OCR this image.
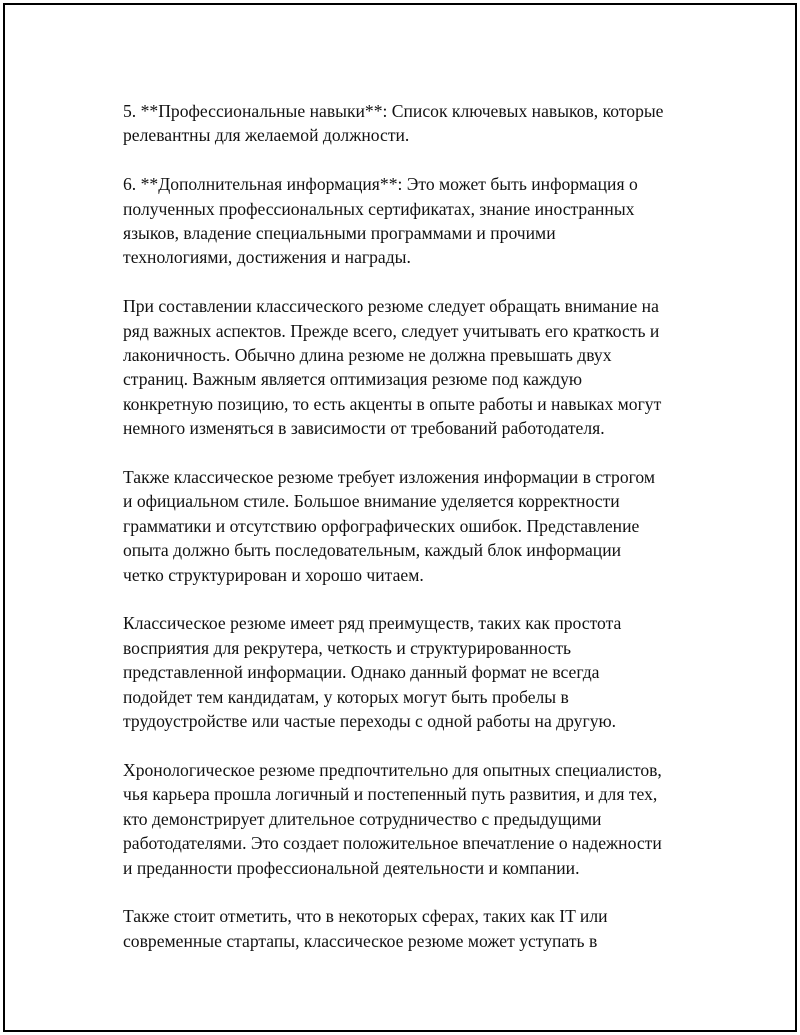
5. **Профессиональные навыки**: Список ключевых навыков, которые
релевантны для желаемой должности.

6. **Дополнительная информация**: Это может быть информация о
полученных профессиональных сертификатах, знание иностранных
языков, владение специальными программами и прочими
технологиями, достижения и награды.

При составлении классического резюме следует обращать внимание на
ряд важных аспектов. Прежде всего, следует учитывать его краткость и
лаконичность. Обычно длина резюме не должна превышать двух
страниц. Важным является оптимизация резюме под каждую
конкретную позицию, то есть акценты в опыте работы и навыках могут
немного изменяться в зависимости от требований работодателя.

Также классическое резюме требует изложения информации в строгом
и официальном стиле. Большое внимание уделяется корректности
грамматики и отсутствию орфографических ошибок. Представление
опыта должно быть последовательным, каждый блок информации
четко структурирован и хорошо читаем.

Классическое резюме имеет ряд преимуществ, таких как простота
восприятия для рекрутера, четкость и структурированность
представленной информации. Однако данный формат не всегда
подойдет тем кандидатам, у которых могут быть пробелы в
трудоустройстве или частые переходы с одной работы на другую.

Хронологическое резюме предпочтительно для опытных специалистов,
чья карьера прошла логичный и постепенный путь развития, и для тех,
кто демонстрирует длительное сотрудничество с предыдущими
работодателями. Это создает положительное впечатление о надежности
и преданности профессиональной деятельности и компании.

Также стоит отметить, что в некоторых сферах, таких как IT или
современные стартапы, классическое резюме может уступать в
